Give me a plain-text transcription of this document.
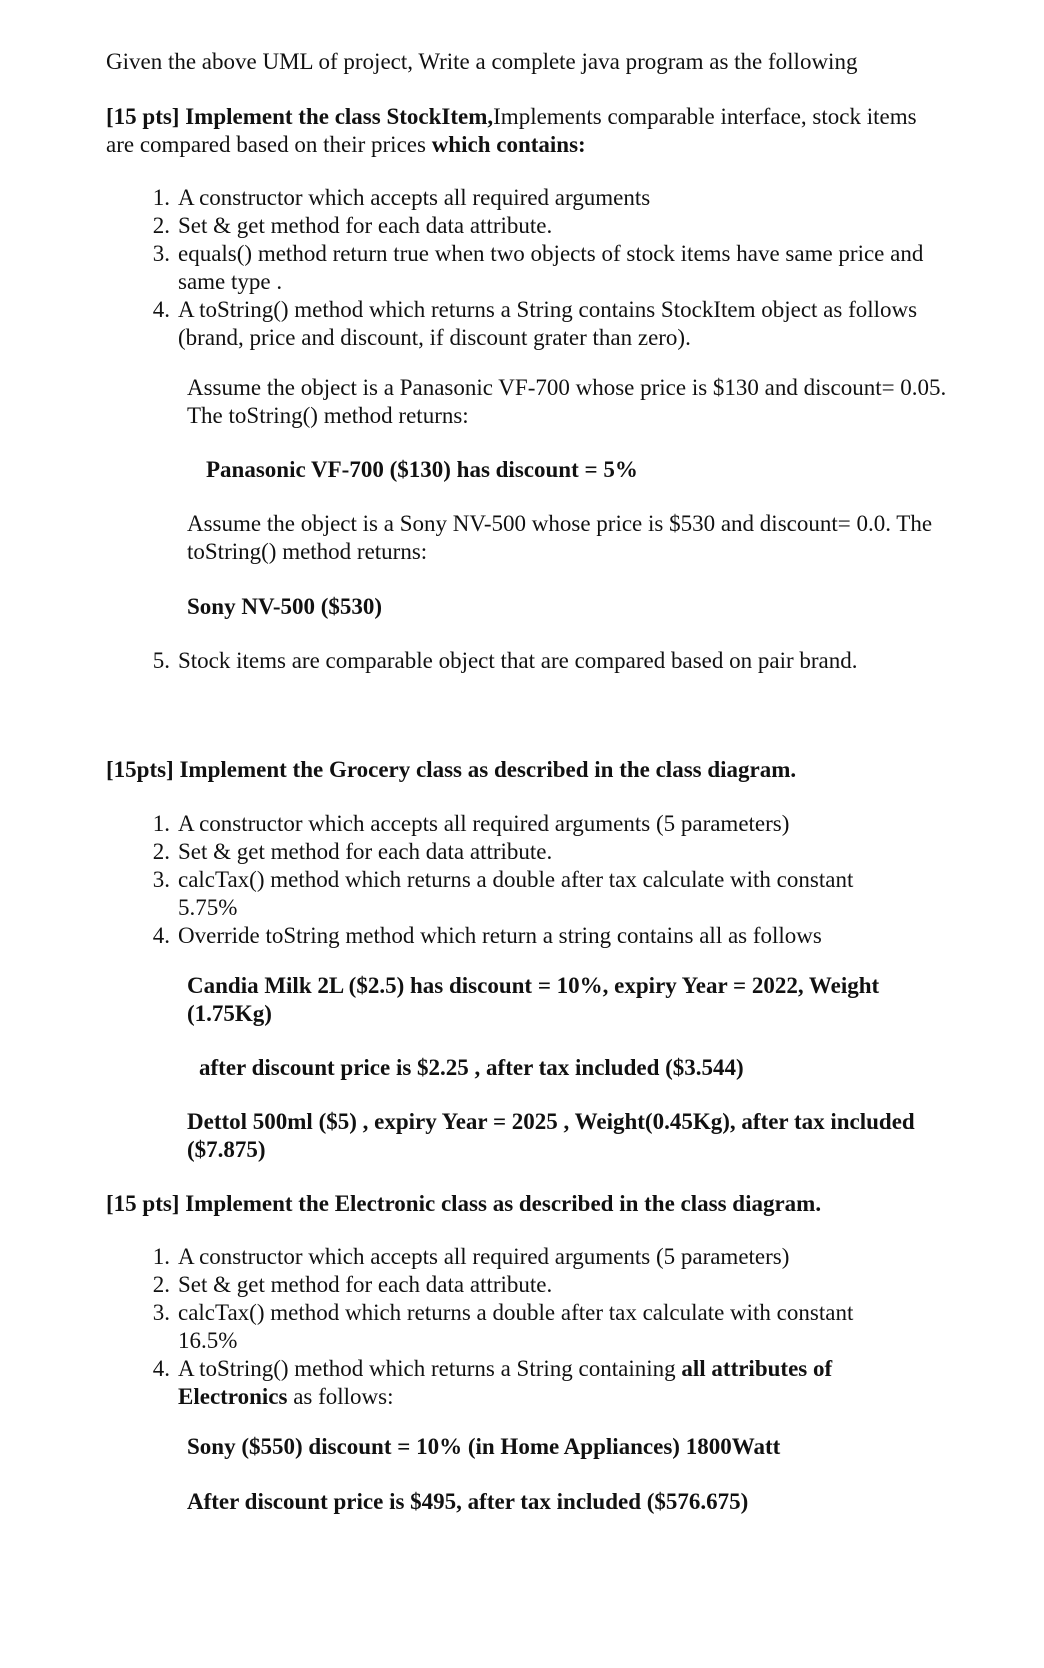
Given the above UML of project, Write a complete java program as the following

[15 pts] Implement the class StockItem,Implements comparable interface, stock items are compared based on their prices which contains:

1. A constructor which accepts all required arguments
2. Set & get method for each data attribute.
3. equals() method return true when two objects of stock items have same price and same type .
4. A toString() method which returns a String contains StockItem object as follows (brand, price and discount, if discount grater than zero).

Assume the object is a Panasonic VF-700 whose price is $130 and discount= 0.05. The toString() method returns:

Panasonic VF-700 ($130) has discount = 5%

Assume the object is a Sony NV-500 whose price is $530 and discount= 0.0. The toString() method returns:

Sony NV-500 ($530)

5. Stock items are comparable object that are compared based on pair brand.

[15pts] Implement the Grocery class as described in the class diagram.

1. A constructor which accepts all required arguments (5 parameters)
2. Set & get method for each data attribute.
3. calcTax() method which returns a double after tax calculate with constant 5.75%
4. Override toString method which return a string contains all as follows

Candia Milk 2L ($2.5) has discount = 10%, expiry Year = 2022, Weight (1.75Kg)

after discount price is $2.25 , after tax included ($3.544)

Dettol 500ml ($5) , expiry Year = 2025 , Weight(0.45Kg), after tax included ($7.875)

[15 pts] Implement the Electronic class as described in the class diagram.

1. A constructor which accepts all required arguments (5 parameters)
2. Set & get method for each data attribute.
3. calcTax() method which returns a double after tax calculate with constant 16.5%
4. A toString() method which returns a String containing all attributes of Electronics as follows:

Sony ($550) discount = 10% (in Home Appliances) 1800Watt

After discount price is $495, after tax included ($576.675)
